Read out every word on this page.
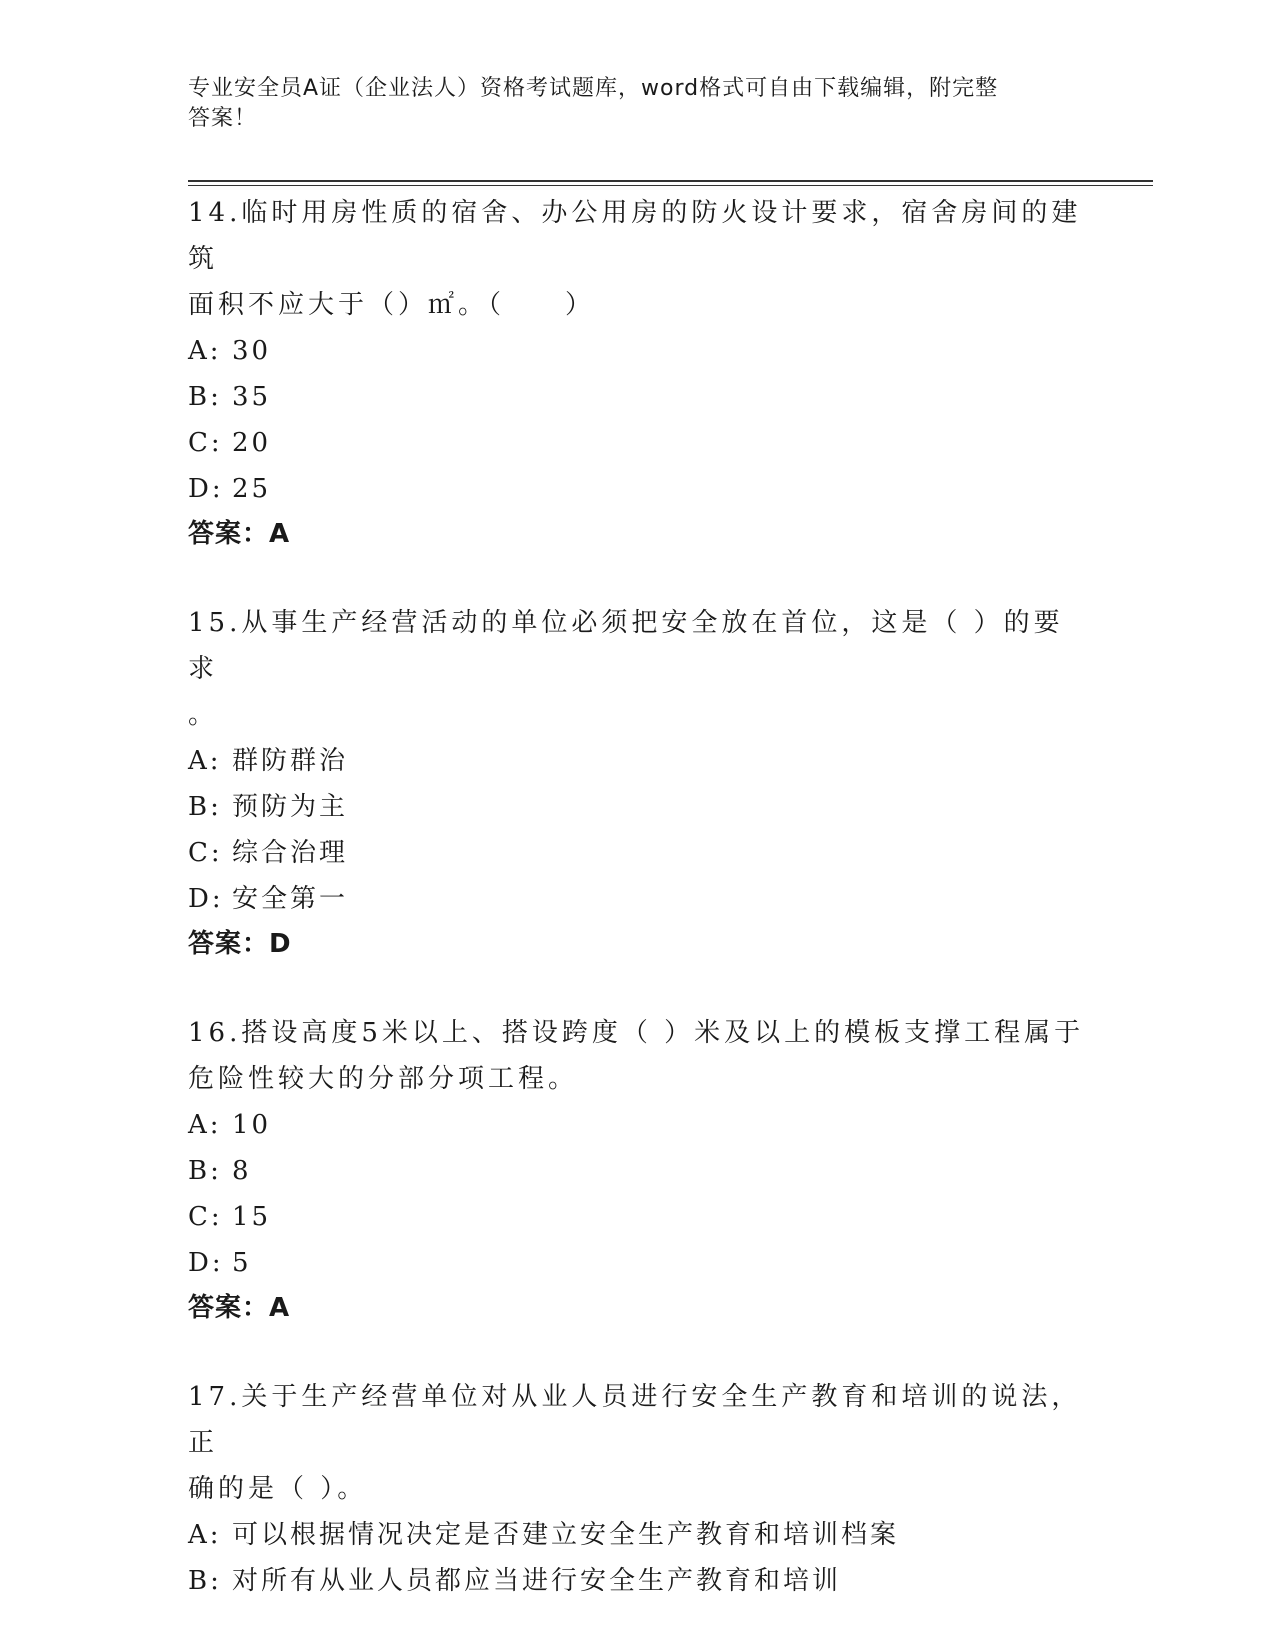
专业安全员A证（企业法人）资格考试题库，word格式可自由下载编辑，附完整
答案！
14.临时用房性质的宿舍、办公用房的防火设计要求，宿舍房间的建筑
面积不应大于（）㎡。（　　）
A: 30
B: 35
C: 20
D: 25
答案：A
15.从事生产经营活动的单位必须把安全放在首位，这是（ ）的要求
。
A: 群防群治
B: 预防为主
C: 综合治理
D: 安全第一
答案：D
16.搭设高度5米以上、搭设跨度（ ）米及以上的模板支撑工程属于
危险性较大的分部分项工程。
A: 10
B: 8
C: 15
D: 5
答案：A
17.关于生产经营单位对从业人员进行安全生产教育和培训的说法，正
确的是（ ）。
A: 可以根据情况决定是否建立安全生产教育和培训档案
B: 对所有从业人员都应当进行安全生产教育和培训
